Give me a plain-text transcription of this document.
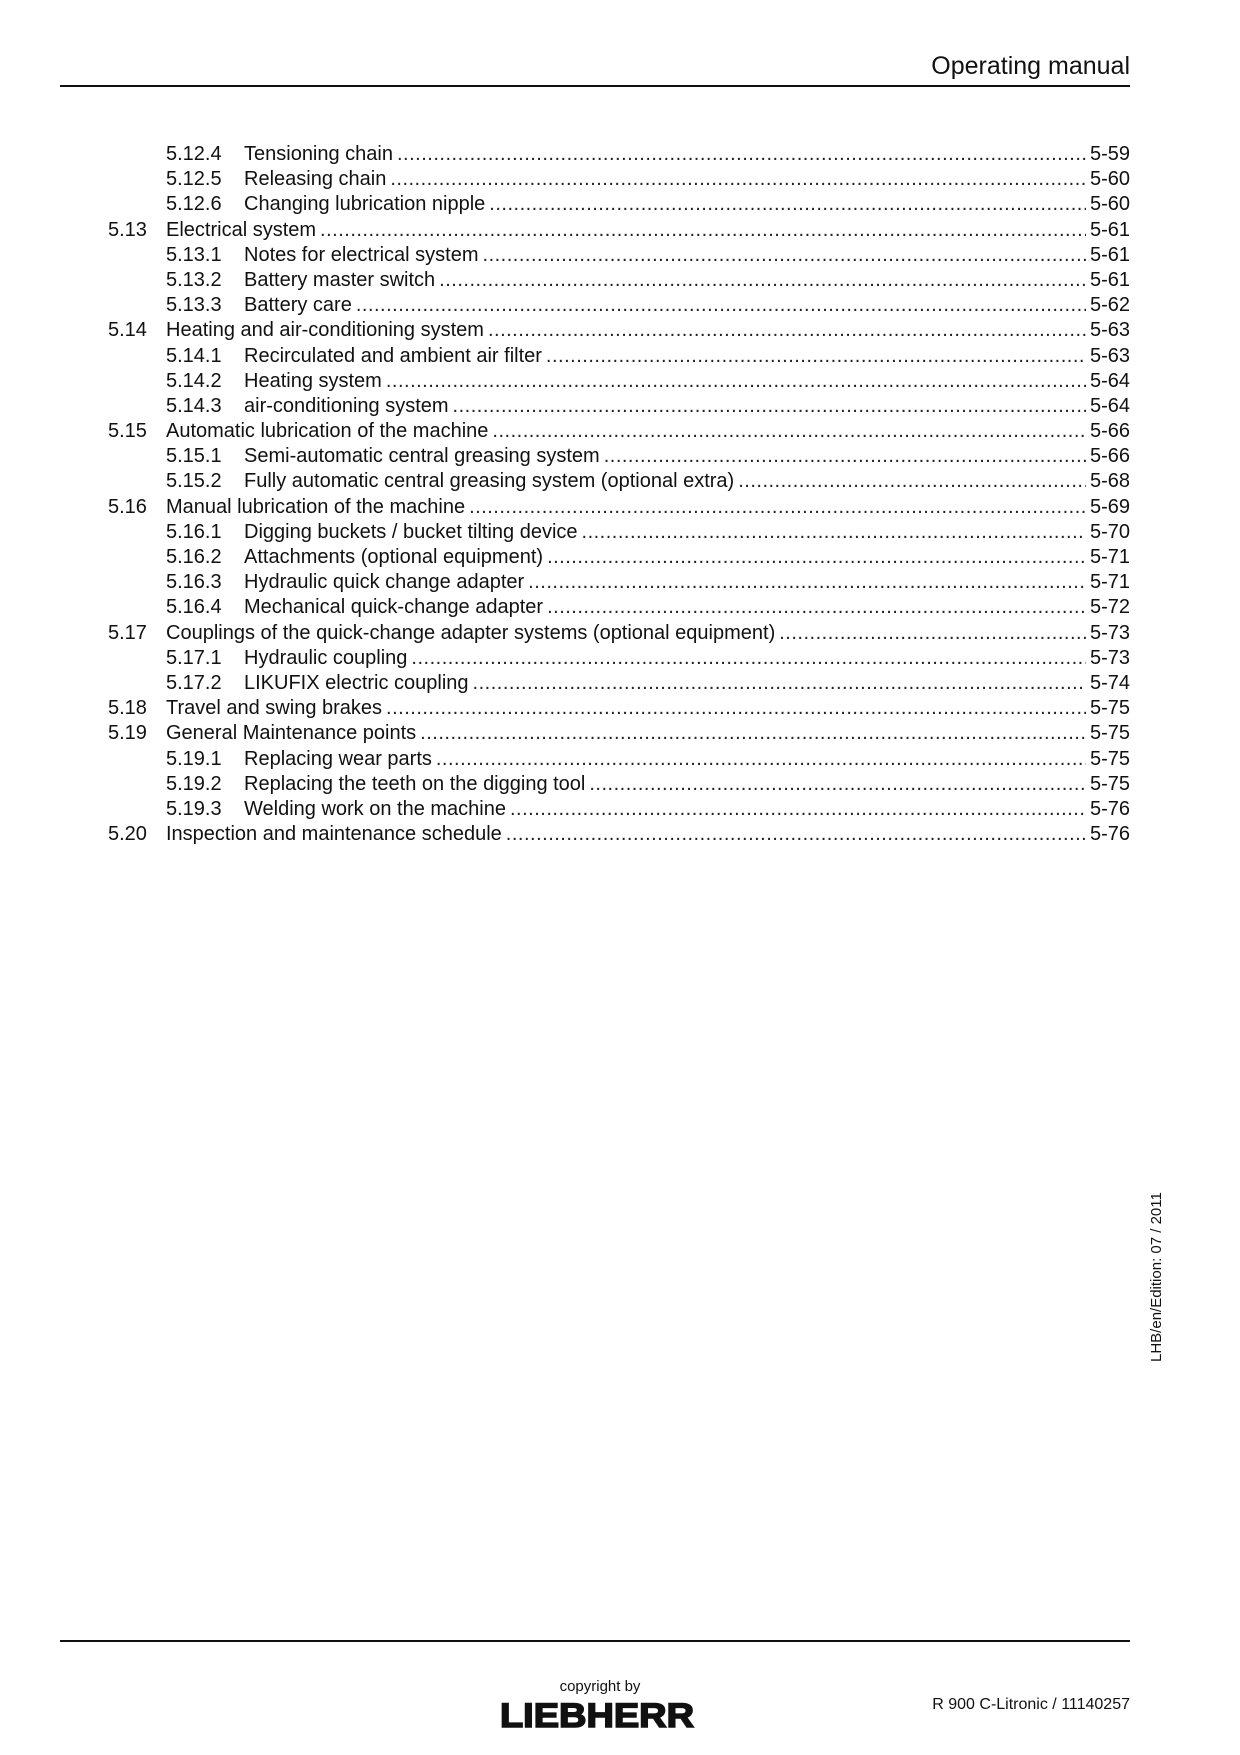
Operating manual
5.12.4	Tensioning chain .....	5-59
5.12.5	Releasing chain .....	5-60
5.12.6	Changing lubrication nipple .....	5-60
5.13 Electrical system .....	5-61
5.13.1	Notes for electrical system .....	5-61
5.13.2	Battery master switch .....	5-61
5.13.3	Battery care .....	5-62
5.14 Heating and air-conditioning system .....	5-63
5.14.1	Recirculated and ambient air filter .....	5-63
5.14.2	Heating system .....	5-64
5.14.3	air-conditioning system .....	5-64
5.15 Automatic lubrication of the machine .....	5-66
5.15.1	Semi-automatic central greasing system .....	5-66
5.15.2	Fully automatic central greasing system (optional extra) .....	5-68
5.16 Manual lubrication of the machine .....	5-69
5.16.1	Digging buckets / bucket tilting device .....	5-70
5.16.2	Attachments (optional equipment) .....	5-71
5.16.3	Hydraulic quick change adapter .....	5-71
5.16.4	Mechanical quick-change adapter .....	5-72
5.17 Couplings of the quick-change adapter systems (optional equipment) .....	5-73
5.17.1	Hydraulic coupling .....	5-73
5.17.2	LIKUFIX electric coupling .....	5-74
5.18 Travel and swing brakes .....	5-75
5.19 General Maintenance points .....	5-75
5.19.1	Replacing wear parts .....	5-75
5.19.2	Replacing the teeth on the digging tool .....	5-75
5.19.3	Welding work on the machine .....	5-76
5.20 Inspection and maintenance schedule .....	5-76
LHB/en/Edition: 07 / 2011
copyright by
LIEBHERR	R 900 C-Litronic / 11140257
